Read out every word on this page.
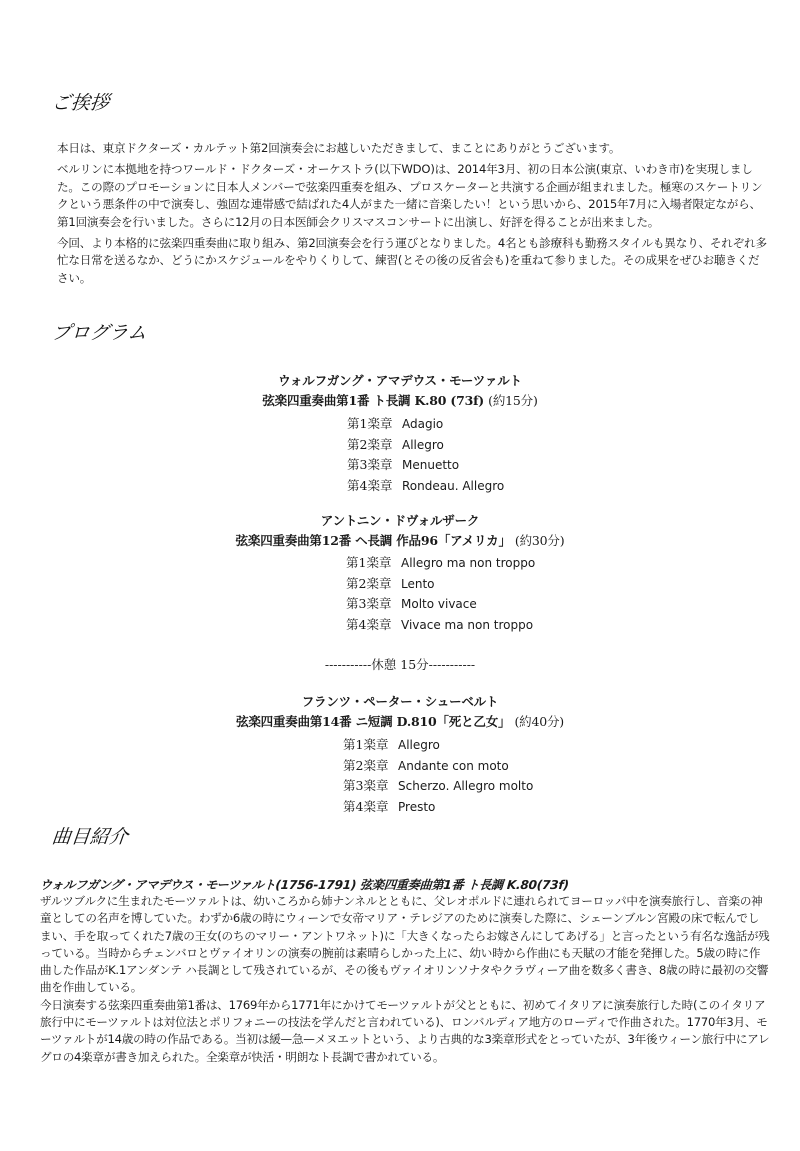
ご挨拶

本日は、東京ドクターズ・カルテット第2回演奏会にお越しいただきまして、まことにありがとうございます。

ベルリンに本拠地を持つワールド・ドクターズ・オーケストラ(以下WDO)は、2014年3月、初の日本公演(東京、いわき市)を実現しました。この際のプロモーションに日本人メンバーで弦楽四重奏を組み、プロスケーターと共演する企画が組まれました。極寒のスケートリンクという悪条件の中で演奏し、強固な連帯感で結ばれた4人がまた一緒に音楽したい！という思いから、2015年7月に入場者限定ながら、第1回演奏会を行いました。さらに12月の日本医師会クリスマスコンサートに出演し、好評を得ることが出来ました。

今回、より本格的に弦楽四重奏曲に取り組み、第2回演奏会を行う運びとなりました。4名とも診療科も勤務スタイルも異なり、それぞれ多忙な日常を送るなか、どうにかスケジュールをやりくりして、練習(とその後の反省会も)を重ねて参りました。その成果をぜひお聴きください。

プログラム
ウォルフガング・アマデウス・モーツァルト
弦楽四重奏曲第1番 ト長調 K.80 (73f) (約15分)
第1楽章 Adagio
第2楽章 Allegro
第3楽章 Menuetto
第4楽章 Rondeau. Allegro
アントニン・ドヴォルザーク
弦楽四重奏曲第12番 ヘ長調 作品96「アメリカ」 (約30分)
第1楽章 Allegro ma non troppo
第2楽章 Lento
第3楽章 Molto vivace
第4楽章 Vivace ma non troppo
-----------休憩 15分-----------
フランツ・ペーター・シューベルト
弦楽四重奏曲第14番 ニ短調 D.810「死と乙女」 (約40分)
第1楽章 Allegro
第2楽章 Andante con moto
第3楽章 Scherzo. Allegro molto
第4楽章 Presto
曲目紹介
ウォルフガング・アマデウス・モーツァルト(1756-1791) 弦楽四重奏曲第1番 ト長調 K.80(73f)

ザルツブルクに生まれたモーツァルトは、幼いころから姉ナンネルとともに、父レオポルドに連れられてヨーロッパ中を演奏旅行し、音楽の神童としての名声を博していた。わずか6歳の時にウィーンで女帝マリア・テレジアのために演奏した際に、シェーンブルン宮殿の床で転んでしまい、手を取ってくれた7歳の王女(のちのマリー・アントワネット)に「大きくなったらお嫁さんにしてあげる」と言ったという有名な逸話が残っている。当時からチェンバロとヴァイオリンの演奏の腕前は素晴らしかった上に、幼い時から作曲にも天賦の才能を発揮した。5歳の時に作曲した作品がK.1アンダンテ ハ長調として残されているが、その後もヴァイオリンソナタやクラヴィーア曲を数多く書き、8歳の時に最初の交響曲を作曲している。

今日演奏する弦楽四重奏曲第1番は、1769年から1771年にかけてモーツァルトが父とともに、初めてイタリアに演奏旅行した時(このイタリア旅行中にモーツァルトは対位法とポリフォニーの技法を学んだと言われている)、ロンバルディア地方のローディで作曲された。1770年3月、モーツァルトが14歳の時の作品である。当初は緩—急—メヌエットという、より古典的な3楽章形式をとっていたが、3年後ウィーン旅行中にアレグロの4楽章が書き加えられた。全楽章が快活・明朗なト長調で書かれている。
